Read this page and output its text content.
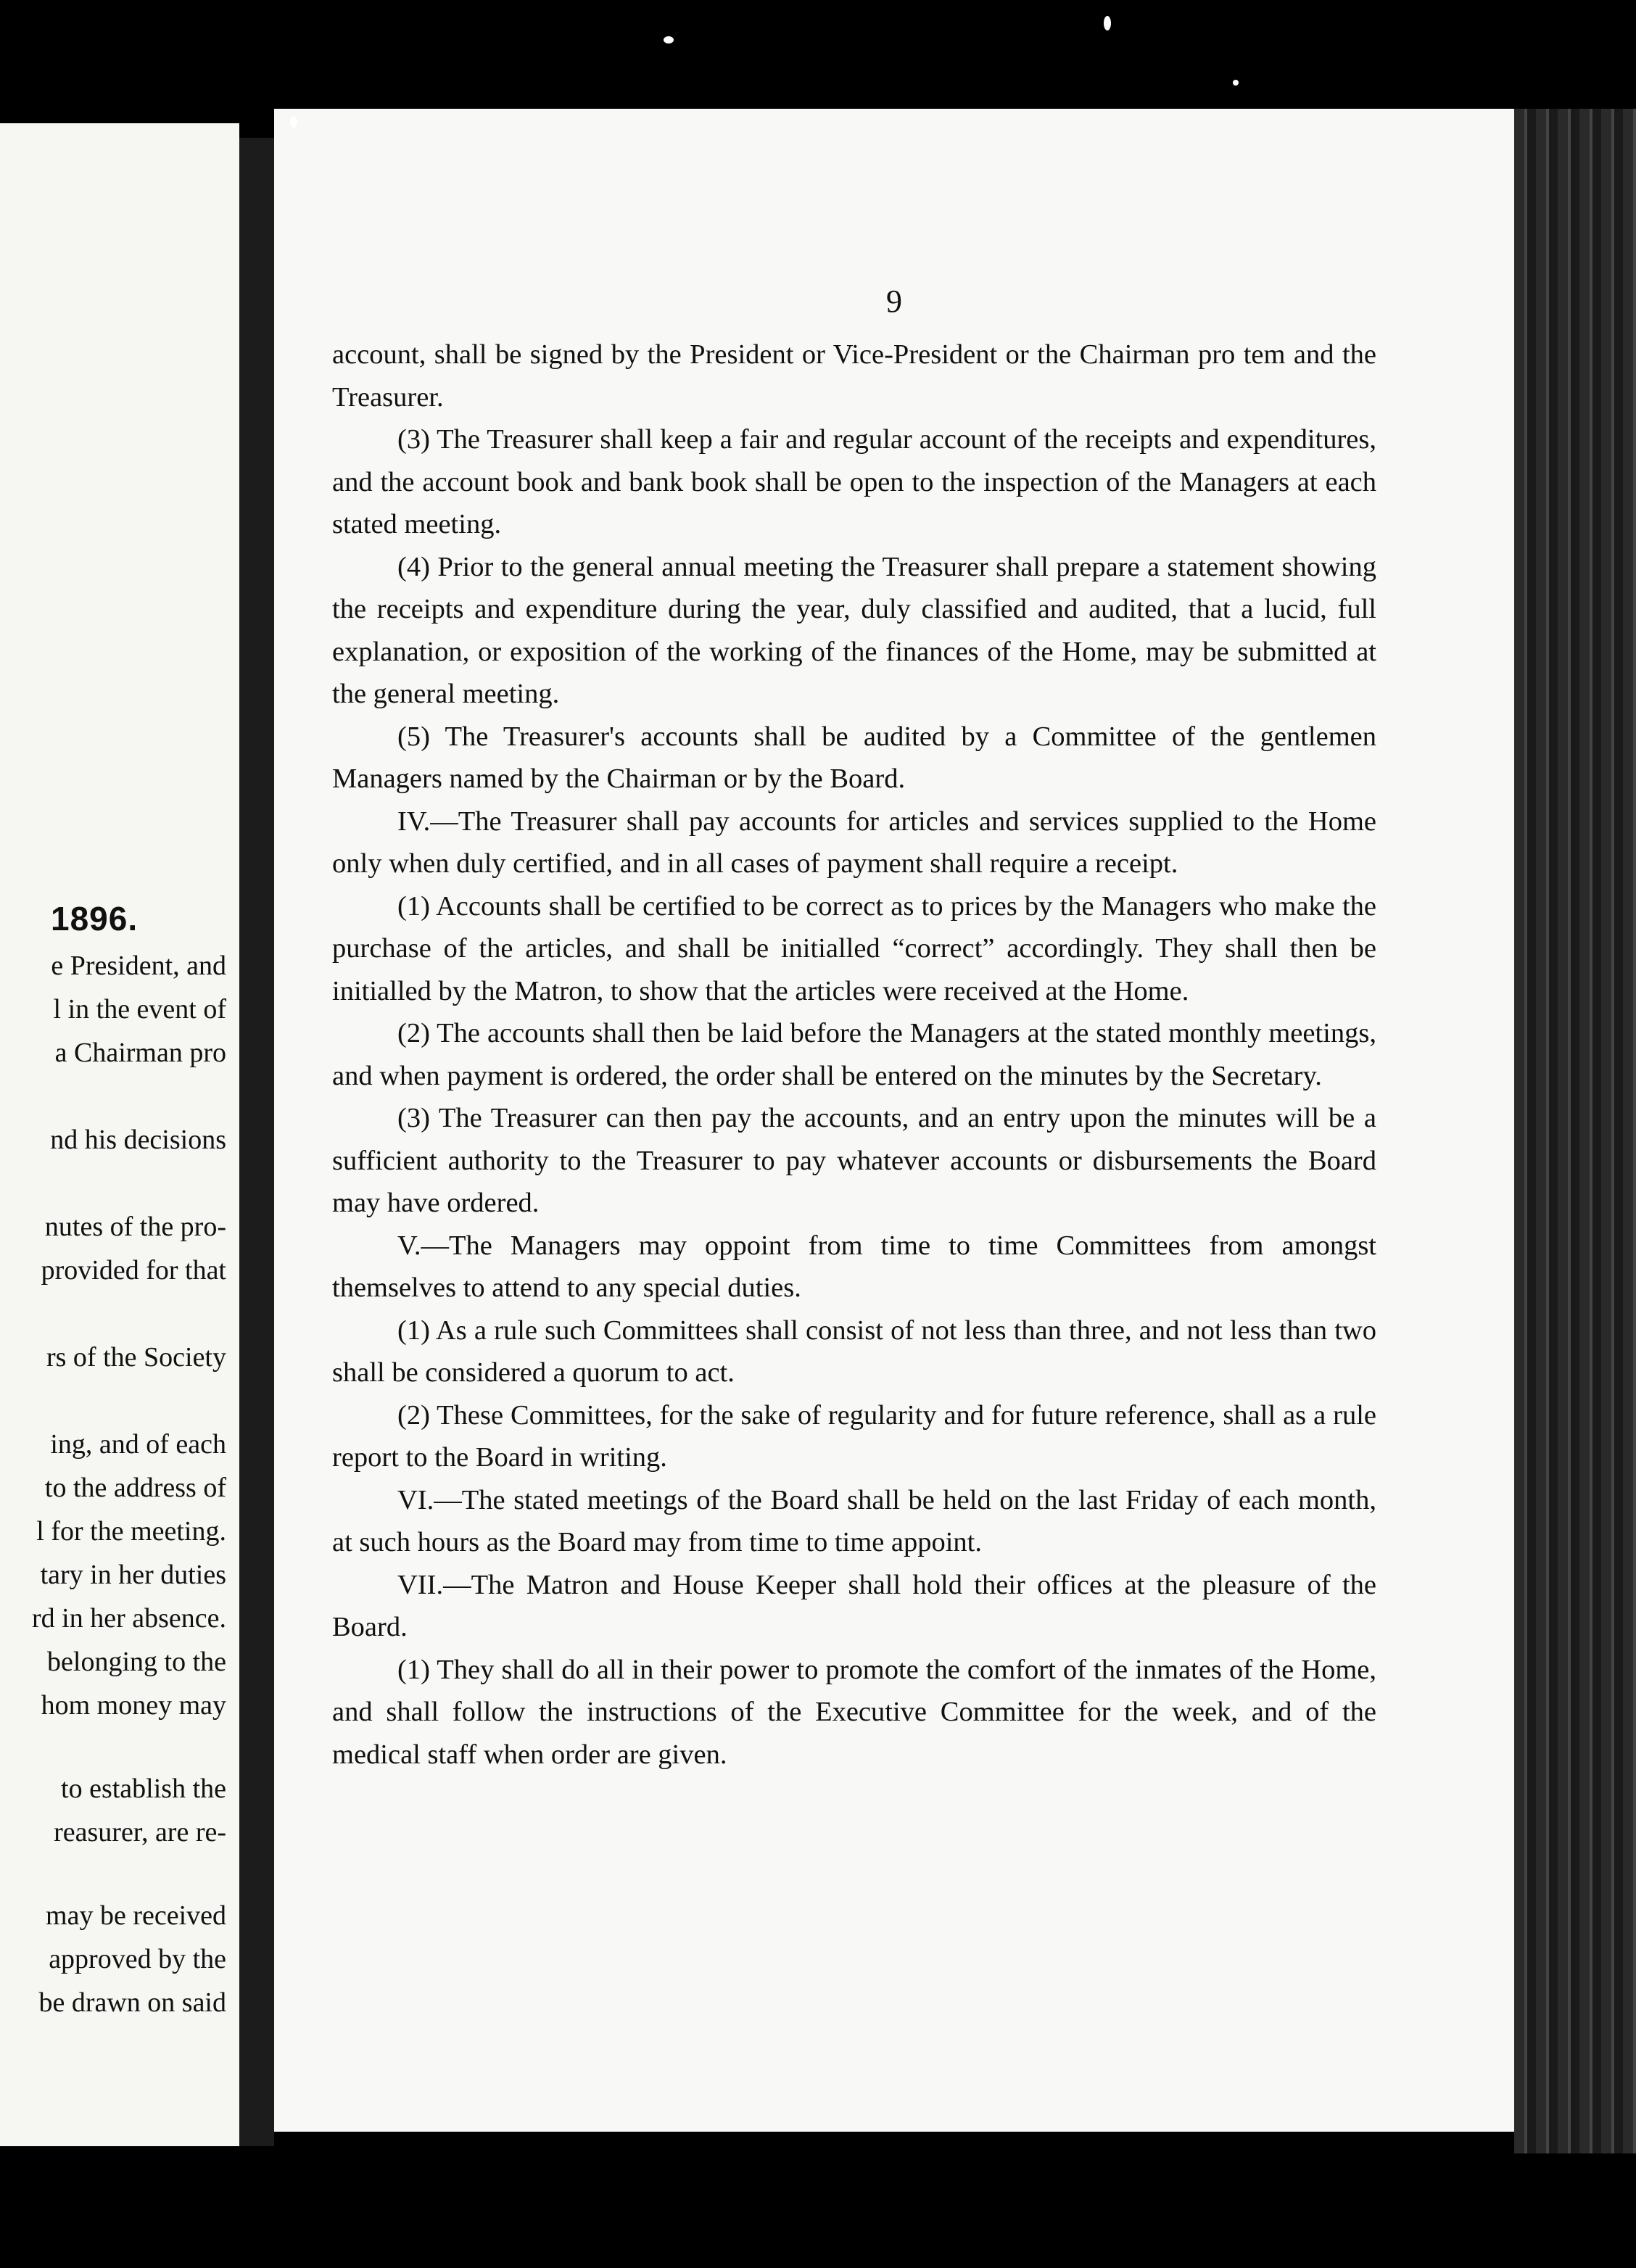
1896.
e President, and
l in the event of
a Chairman pro
nd his decisions
nutes of the pro-
provided for that
rs of the Society
ing, and of each
to the address of
l for the meeting.
tary in her duties
rd in her absence.
belonging to the
hom money may
to establish the
reasurer, are re-
may be received
approved by the
be drawn on said
9

account, shall be signed by the President or Vice-President or the Chairman pro tem and the Treasurer.

(3) The Treasurer shall keep a fair and regular account of the receipts and expenditures, and the account book and bank book shall be open to the inspection of the Managers at each stated meeting.

(4) Prior to the general annual meeting the Treasurer shall prepare a statement showing the receipts and expenditure during the year, duly classified and audited, that a lucid, full explanation, or exposition of the working of the finances of the Home, may be submitted at the general meeting.

(5) The Treasurer's accounts shall be audited by a Committee of the gentlemen Managers named by the Chairman or by the Board.

IV.—The Treasurer shall pay accounts for articles and services supplied to the Home only when duly certified, and in all cases of payment shall require a receipt.

(1) Accounts shall be certified to be correct as to prices by the Managers who make the purchase of the articles, and shall be initialled “correct” accordingly. They shall then be initialled by the Matron, to show that the articles were received at the Home.

(2) The accounts shall then be laid before the Managers at the stated monthly meetings, and when payment is ordered, the order shall be entered on the minutes by the Secretary.

(3) The Treasurer can then pay the accounts, and an entry upon the minutes will be a sufficient authority to the Treasurer to pay whatever accounts or disbursements the Board may have ordered.

V.—The Managers may oppoint from time to time Committees from amongst themselves to attend to any special duties.

(1) As a rule such Committees shall consist of not less than three, and not less than two shall be considered a quorum to act.

(2) These Committees, for the sake of regularity and for future reference, shall as a rule report to the Board in writing.

VI.—The stated meetings of the Board shall be held on the last Friday of each month, at such hours as the Board may from time to time appoint.

VII.—The Matron and House Keeper shall hold their offices at the pleasure of the Board.

(1) They shall do all in their power to promote the comfort of the inmates of the Home, and shall follow the instructions of the Executive Committee for the week, and of the medical staff when order are given.
